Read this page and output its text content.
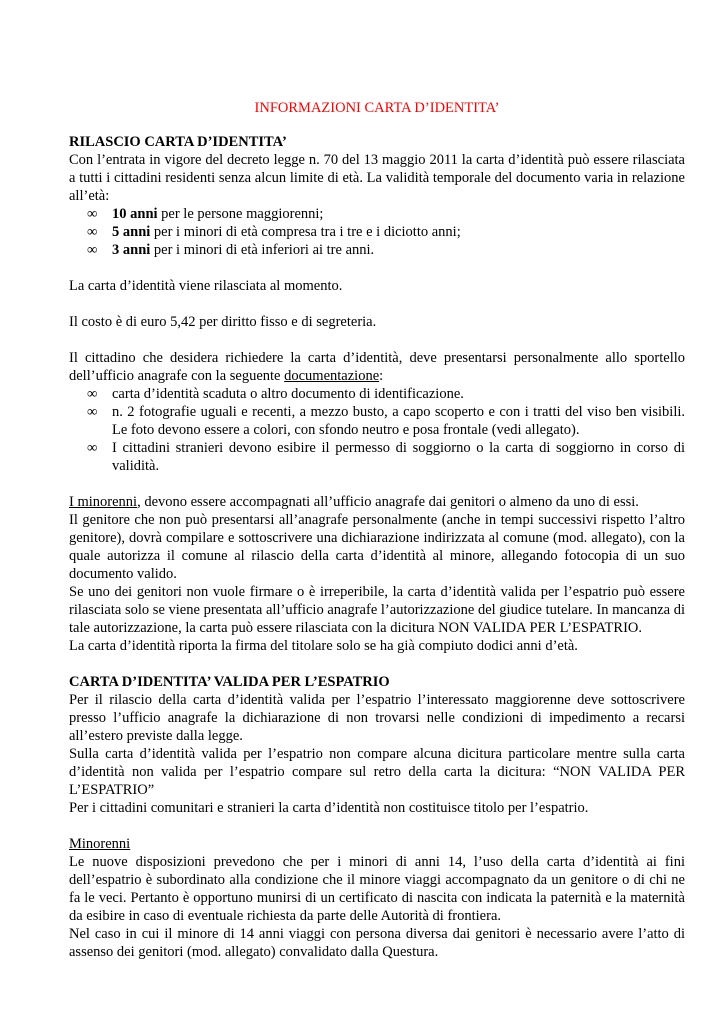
INFORMAZIONI CARTA D’IDENTITA’
RILASCIO CARTA D’IDENTITA’

Con l’entrata in vigore del decreto legge n. 70 del 13 maggio 2011 la carta d’identità può essere rilasciata a tutti i cittadini residenti senza alcun limite di età. La validità temporale del documento varia in relazione all’età:

∞ 10 anni per le persone maggiorenni;
∞ 5 anni per i minori di età compresa tra i tre e i diciotto anni;
∞ 3 anni per i minori di età inferiori ai tre anni.

La carta d’identità viene rilasciata al momento.

Il costo è di euro 5,42 per diritto fisso e di segreteria.

Il cittadino che desidera richiedere la carta d’identità, deve presentarsi personalmente allo sportello dell’ufficio anagrafe con la seguente documentazione:

∞ carta d’identità scaduta o altro documento di identificazione.
∞ n. 2 fotografie uguali e recenti, a mezzo busto, a capo scoperto e con i tratti del viso ben visibili. Le foto devono essere a colori, con sfondo neutro e posa frontale (vedi allegato).
∞ I cittadini stranieri devono esibire il permesso di soggiorno o la carta di soggiorno in corso di validità.

I minorenni, devono essere accompagnati all’ufficio anagrafe dai genitori o almeno da uno di essi.

Il genitore che non può presentarsi all’anagrafe personalmente (anche in tempi successivi rispetto l’altro genitore), dovrà compilare e sottoscrivere una dichiarazione indirizzata al comune (mod. allegato), con la quale autorizza il comune al rilascio della carta d’identità al minore, allegando fotocopia di un suo documento valido.

Se uno dei genitori non vuole firmare o è irreperibile, la carta d’identità valida per l’espatrio può essere rilasciata solo se viene presentata all’ufficio anagrafe l’autorizzazione del giudice tutelare. In mancanza di tale autorizzazione, la carta può essere rilasciata con la dicitura NON VALIDA PER L’ESPATRIO.

La carta d’identità riporta la firma del titolare solo se ha già compiuto dodici anni d’età.

CARTA D’IDENTITA’ VALIDA PER L’ESPATRIO

Per il rilascio della carta d’identità valida per l’espatrio l’interessato maggiorenne deve sottoscrivere presso l’ufficio anagrafe la dichiarazione di non trovarsi nelle condizioni di impedimento a recarsi all’estero previste dalla legge.

Sulla carta d’identità valida per l’espatrio non compare alcuna dicitura particolare mentre sulla carta d’identità non valida per l’espatrio compare sul retro della carta la dicitura: “NON VALIDA PER L’ESPATRIO”

Per i cittadini comunitari e stranieri la carta d’identità non costituisce titolo per l’espatrio.

Minorenni

Le nuove disposizioni prevedono che per i minori di anni 14, l’uso della carta d’identità ai fini dell’espatrio è subordinato alla condizione che il minore viaggi accompagnato da un genitore o di chi ne fa le veci. Pertanto è opportuno munirsi di un certificato di nascita con indicata la paternità e la maternità da esibire in caso di eventuale richiesta da parte delle Autorità di frontiera.

Nel caso in cui il minore di 14 anni viaggi con persona diversa dai genitori è necessario avere l’atto di assenso dei genitori (mod. allegato) convalidato dalla Questura.
